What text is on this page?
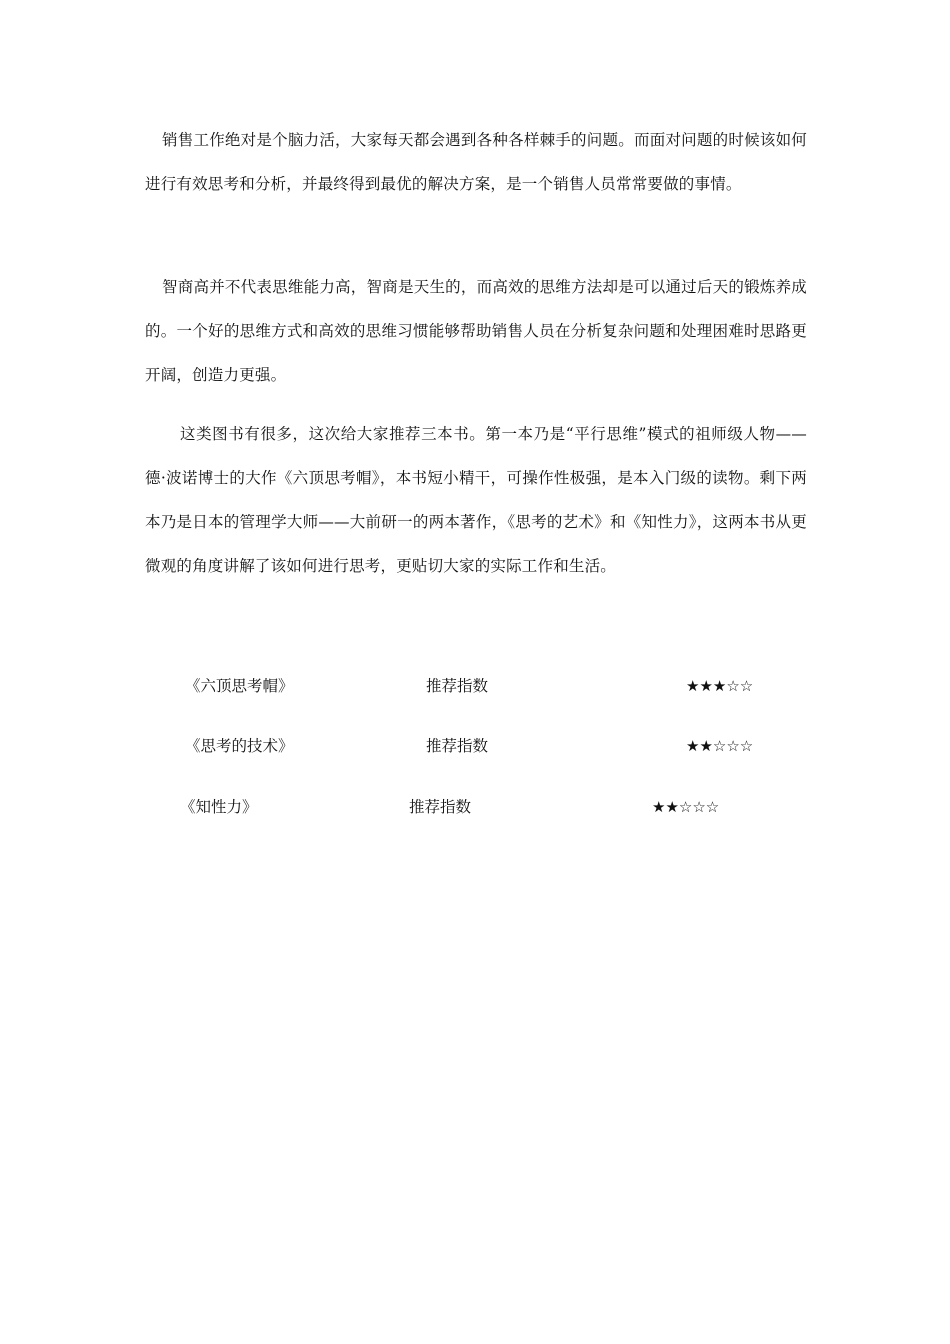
销售工作绝对是个脑力活，大家每天都会遇到各种各样棘手的问题。而面对问题的时候该如何进行有效思考和分析，并最终得到最优的解决方案，是一个销售人员常常要做的事情。

智商高并不代表思维能力高，智商是天生的，而高效的思维方法却是可以通过后天的锻炼养成的。一个好的思维方式和高效的思维习惯能够帮助销售人员在分析复杂问题和处理困难时思路更开阔，创造力更强。

这类图书有很多，这次给大家推荐三本书。第一本乃是“平行思维”模式的祖师级人物——德·波诺博士的大作《六顶思考帽》，本书短小精干，可操作性极强，是本入门级的读物。剩下两本乃是日本的管理学大师——大前研一的两本著作，《思考的艺术》和《知性力》，这两本书从更微观的角度讲解了该如何进行思考，更贴切大家的实际工作和生活。

《六顶思考帽》	推荐指数	★★★☆☆
《思考的技术》	推荐指数	★★☆☆☆
《知性力》	推荐指数	★★☆☆☆
